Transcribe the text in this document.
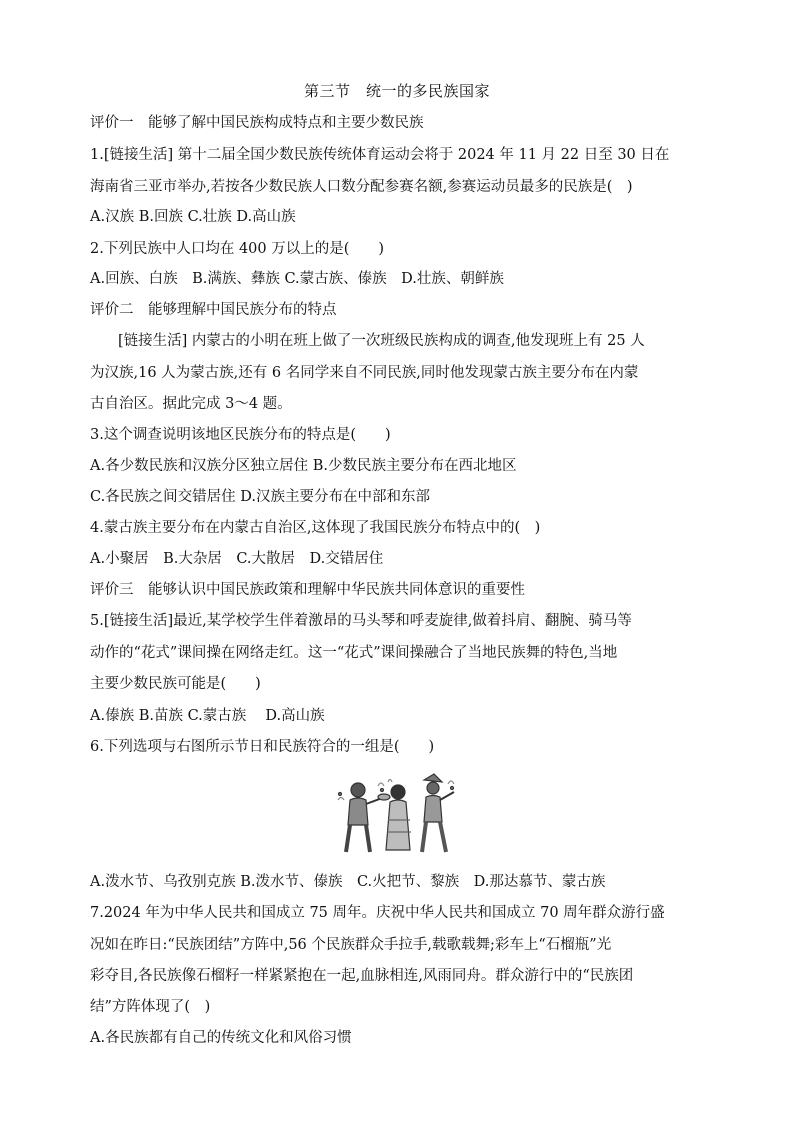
第三节　统一的多民族国家
评价一　能够了解中国民族构成特点和主要少数民族
1.[链接生活] 第十二届全国少数民族传统体育运动会将于 2024 年 11 月 22 日至 30 日在
海南省三亚市举办,若按各少数民族人口数分配参赛名额,参赛运动员最多的民族是(　)
A.汉族 B.回族 C.壮族 D.高山族
2.下列民族中人口均在 400 万以上的是(　　)
A.回族、白族　B.满族、彝族 C.蒙古族、傣族　D.壮族、朝鲜族
评价二　能够理解中国民族分布的特点
[链接生活] 内蒙古的小明在班上做了一次班级民族构成的调查,他发现班上有 25 人
为汉族,16 人为蒙古族,还有 6 名同学来自不同民族,同时他发现蒙古族主要分布在内蒙
古自治区。据此完成 3～4 题。
3.这个调查说明该地区民族分布的特点是(　　)
A.各少数民族和汉族分区独立居住 B.少数民族主要分布在西北地区
C.各民族之间交错居住 D.汉族主要分布在中部和东部
4.蒙古族主要分布在内蒙古自治区,这体现了我国民族分布特点中的(　)
A.小聚居　B.大杂居　C.大散居　D.交错居住
评价三　能够认识中国民族政策和理解中华民族共同体意识的重要性
5.[链接生活]最近,某学校学生伴着激昂的马头琴和呼麦旋律,做着抖肩、翻腕、骑马等
动作的“花式”课间操在网络走红。这一“花式”课间操融合了当地民族舞的特色,当地
主要少数民族可能是(　　)
A.傣族 B.苗族 C.蒙古族　 D.高山族
6.下列选项与右图所示节日和民族符合的一组是(　　)
A.泼水节、乌孜别克族 B.泼水节、傣族　C.火把节、黎族　D.那达慕节、蒙古族
7.2024 年为中华人民共和国成立 75 周年。庆祝中华人民共和国成立 70 周年群众游行盛
况如在昨日:“民族团结”方阵中,56 个民族群众手拉手,载歌载舞;彩车上“石榴瓶”光
彩夺目,各民族像石榴籽一样紧紧抱在一起,血脉相连,风雨同舟。群众游行中的“民族团
结”方阵体现了(　)
A.各民族都有自己的传统文化和风俗习惯
